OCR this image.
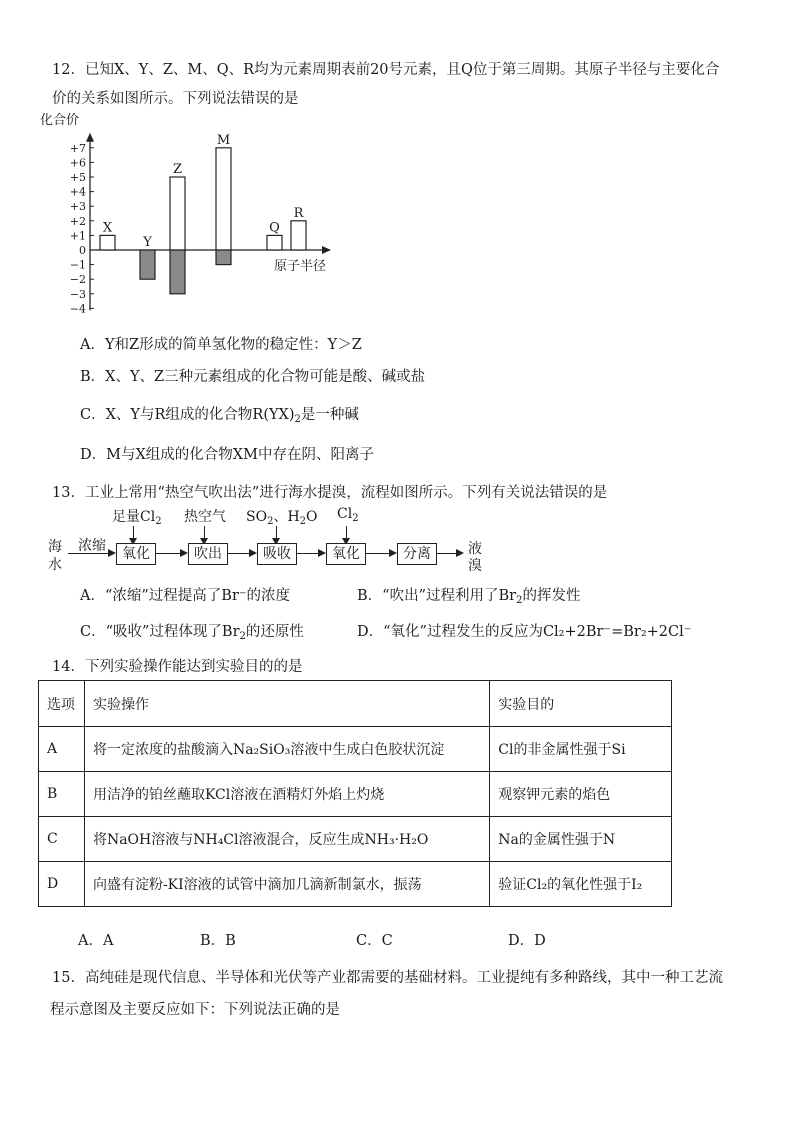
12．已知X、Y、Z、M、Q、R均为元素周期表前20号元素，且Q位于第三周期。其原子半径与主要化合
价的关系如图所示。下列说法错误的是
化合价
原子半径
+7
+6
+5
+4
+3
+2
+1
0
−1
−2
−3
−4
X
Y
Z
M
Q
R
A．Y和Z形成的简单氢化物的稳定性：Y＞Z
B．X、Y、Z三种元素组成的化合物可能是酸、碱或盐
C．X、Y与R组成的化合物$R(YX)_2$是一种碱
D．M与X组成的化合物XM中存在阴、阳离子
13．工业上常用“热空气吹出法”进行海水提溴，流程如图所示。下列有关说法错误的是
海
水
浓缩
足量$Cl_2$ 热空气 $SO_2$、$H_2O$ $Cl_2$
氧化	吹出	吸收	氧化	分离	液
溴
A．“浓缩”过程提高了Br⁻的浓度	B．“吹出”过程利用了$Br_2$的挥发性
C．“吸收”过程体现了$Br_2$的还原性	D．“氧化”过程发生的反应为Cl₂+2Br⁻=Br₂+2Cl⁻
14．下列实验操作能达到实验目的的是
选项	实验操作	实验目的
A	将一定浓度的盐酸滴入Na₂SiO₃溶液中生成白色胶状沉淀	Cl的非金属性强于Si
B	用洁净的铂丝蘸取KCl溶液在酒精灯外焰上灼烧	观察钾元素的焰色
C	将NaOH溶液与NH₄Cl溶液混合，反应生成NH₃·H₂O	Na的金属性强于N
D	向盛有淀粉-KI溶液的试管中滴加几滴新制氯水，振荡	验证Cl₂的氧化性强于I₂
A．A	B．B	C．C	D．D
15．高纯硅是现代信息、半导体和光伏等产业都需要的基础材料。工业提纯有多种路线，其中一种工艺流
程示意图及主要反应如下：下列说法正确的是
